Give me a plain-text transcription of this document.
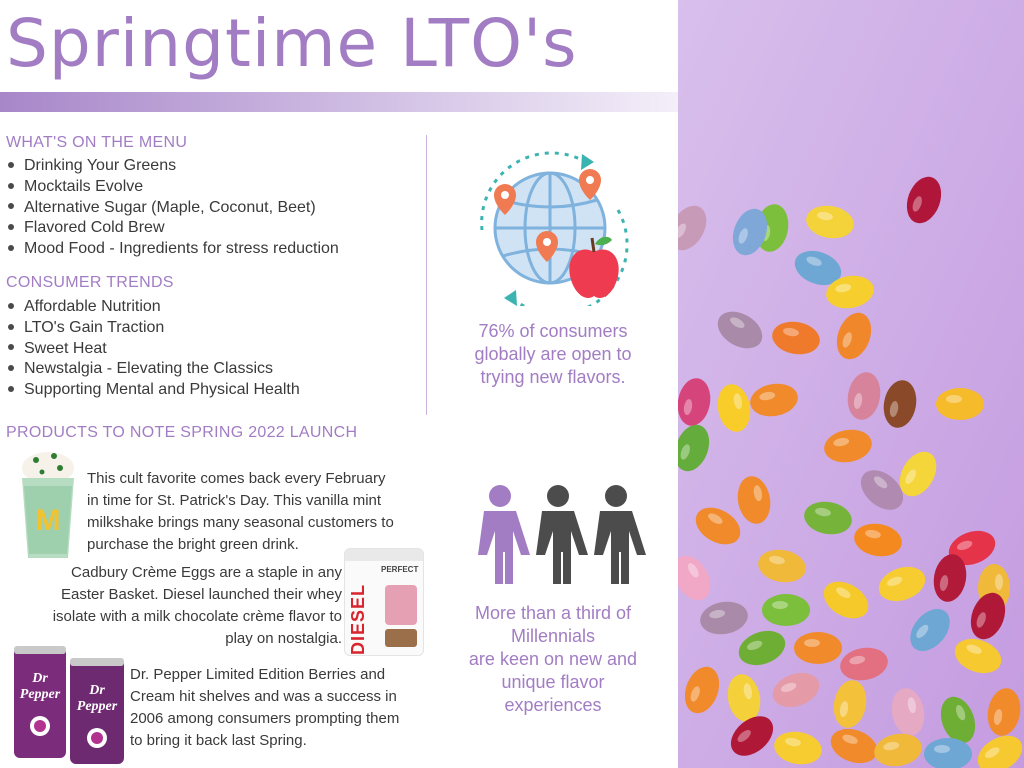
Springtime LTO's
WHAT'S ON THE MENU
Drinking Your Greens
Mocktails Evolve
Alternative Sugar (Maple, Coconut, Beet)
Flavored Cold Brew
Mood Food - Ingredients for stress reduction
CONSUMER TRENDS
Affordable Nutrition
LTO's Gain Traction
Sweet Heat
Newstalgia - Elevating the Classics
Supporting Mental and Physical Health
76% of consumers
globally are open to
trying new flavors.
More than a third of
Millennials
are keen on new and
unique flavor
experiences
PRODUCTS TO NOTE SPRING 2022 LAUNCH
M
This cult favorite comes back every February
in time for St. Patrick's Day. This vanilla mint
milkshake brings many seasonal customers to
purchase the bright green drink.
Cadbury Crème Eggs are a staple in any
Easter Basket. Diesel launched their whey
isolate with a milk chocolate crème flavor to
play on nostalgia.
PERFECT
DIESEL
Dr
Pepper Dr
Pepper
Dr. Pepper Limited Edition Berries and
Cream hit shelves and was a success in
2006 among consumers prompting them
to bring it back last Spring.
